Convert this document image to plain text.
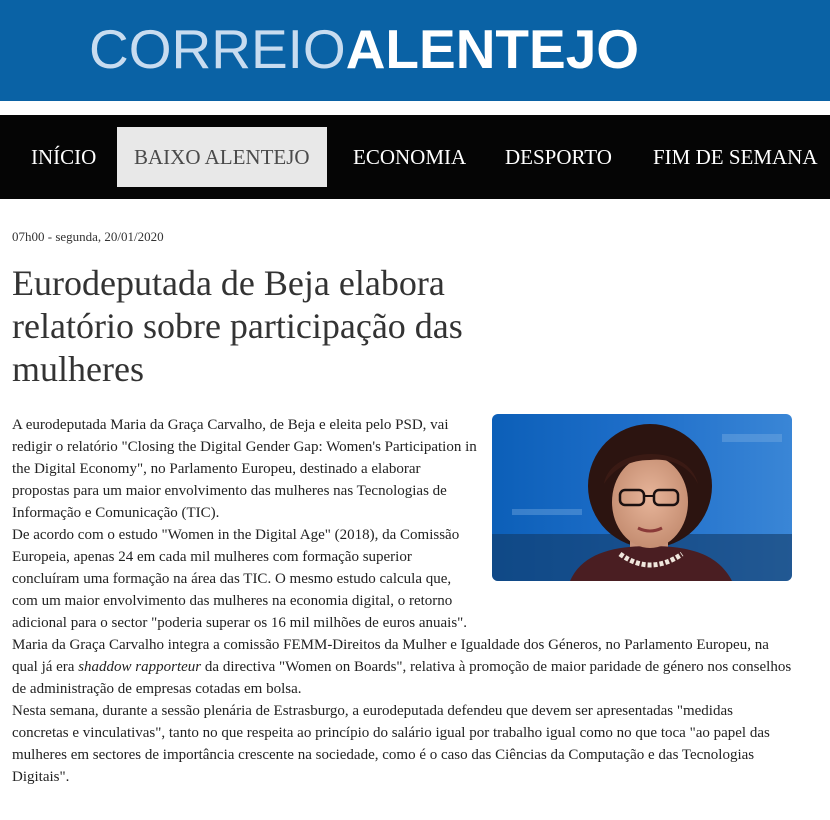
CORREIO ALENTEJO
INÍCIO	BAIXO ALENTEJO	ECONOMIA DESPORTO FIM DE SEMANA
07h00 - segunda, 20/01/2020
Eurodeputada de Beja elabora relatório sobre participação das mulheres

A eurodeputada Maria da Graça Carvalho, de Beja e eleita pelo PSD, vai redigir o relatório "Closing the Digital Gender Gap: Women's Participation in the Digital Economy", no Parlamento Europeu, destinado a elaborar propostas para um maior envolvimento das mulheres nas Tecnologias de Informação e Comunicação (TIC).

De acordo com o estudo "Women in the Digital Age" (2018), da Comissão Europeia, apenas 24 em cada mil mulheres com formação superior concluíram uma formação na área das TIC. O mesmo estudo calcula que, com um maior envolvimento das mulheres na economia digital, o retorno adicional para o sector "poderia superar os 16 mil milhões de euros anuais".

Maria da Graça Carvalho integra a comissão FEMM-Direitos da Mulher e Igualdade dos Géneros, no Parlamento Europeu, na qual já era shaddow rapporteur da directiva "Women on Boards", relativa à promoção de maior paridade de género nos conselhos de administração de empresas cotadas em bolsa.

Nesta semana, durante a sessão plenária de Estrasburgo, a eurodeputada defendeu que devem ser apresentadas "medidas concretas e vinculativas", tanto no que respeita ao princípio do salário igual por trabalho igual como no que toca "ao papel das mulheres em sectores de importância crescente na sociedade, como é o caso das Ciências da Computação e das Tecnologias Digitais".
